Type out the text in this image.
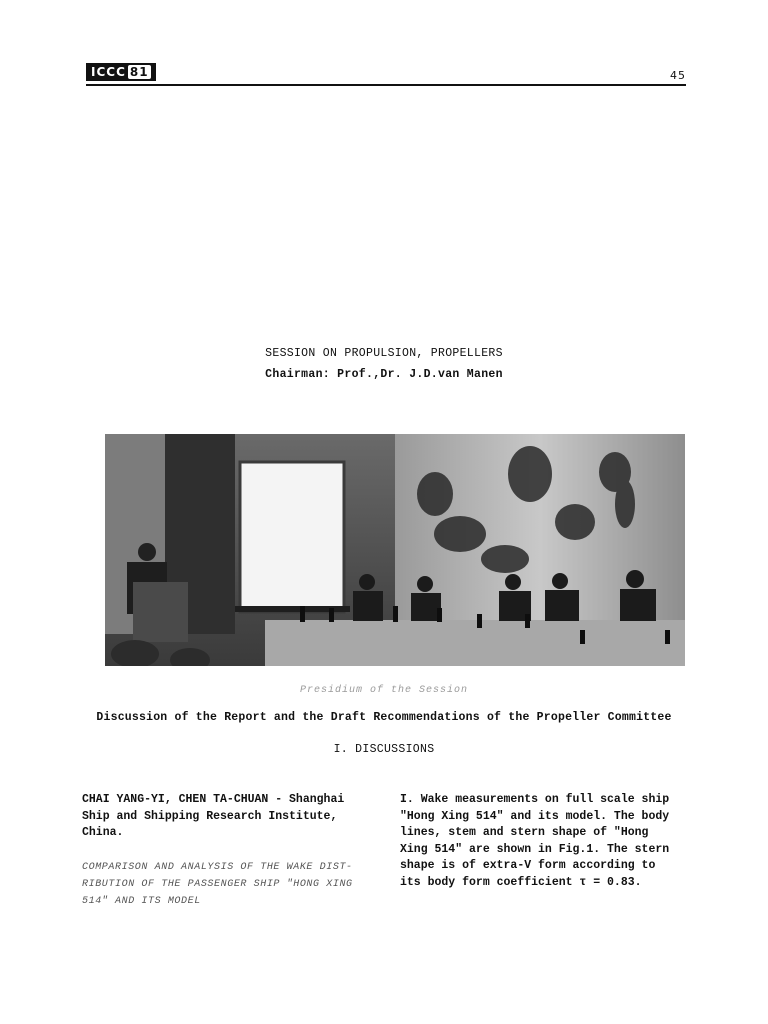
ICCC 81	45
SESSION ON PROPULSION, PROPELLERS
Chairman: Prof.,Dr. J.D.van Manen
Presidium of the Session
Discussion of the Report and the Draft Recommendations of the Propeller Committee
I. DISCUSSIONS
CHAI YANG-YI, CHEN TA-CHUAN - Shanghai
Ship and Shipping Research Institute,
China.
COMPARISON AND ANALYSIS OF THE WAKE DIST-
RIBUTION OF THE PASSENGER SHIP "HONG XING
514" AND ITS MODEL
I. Wake measurements on full scale ship
"Hong Xing 514" and its model. The body
lines, stem and stern shape of "Hong
Xing 514" are shown in Fig.1. The stern
shape is of extra-V form according to
its body form coefficient τ = 0.83.
